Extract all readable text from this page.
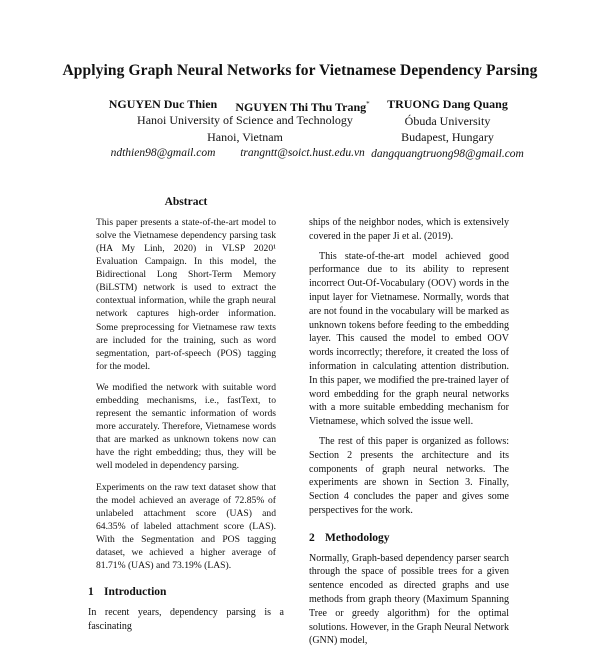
Applying Graph Neural Networks for Vietnamese Dependency Parsing
NGUYEN Duc Thien	NGUYEN Thi Thu Trang*	TRUONG Dang Quang
Óbuda University
Budapest, Hungary
dangquangtruong98@gmail.com
Hanoi University of Science and Technology
Hanoi, Vietnam
ndthien98@gmail.com	trangntt@soict.hust.edu.vn
Abstract

This paper presents a state-of-the-art model to solve the Vietnamese dependency parsing task (HA My Linh, 2020) in VLSP 2020¹ Evaluation Campaign. In this model, the Bidirectional Long Short-Term Memory (BiLSTM) network is used to extract the contextual information, while the graph neural network captures high-order information. Some preprocessing for Vietnamese raw texts are included for the training, such as word segmentation, part-of-speech (POS) tagging for the model.

We modified the network with suitable word embedding mechanisms, i.e., fastText, to represent the semantic information of words more accurately. Therefore, Vietnamese words that are marked as unknown tokens now can have the right embedding; thus, they will be well modeled in dependency parsing.

Experiments on the raw text dataset show that the model achieved an average of 72.85% of unlabeled attachment score (UAS) and 64.35% of labeled attachment score (LAS). With the Segmentation and POS tagging dataset, we achieved a higher average of 81.71% (UAS) and 73.19% (LAS).

1 Introduction

In recent years, dependency parsing is a fascinating

ships of the neighbor nodes, which is extensively covered in the paper Ji et al. (2019).

This state-of-the-art model achieved good performance due to its ability to represent incorrect Out-Of-Vocabulary (OOV) words in the input layer for Vietnamese. Normally, words that are not found in the vocabulary will be marked as unknown tokens before feeding to the embedding layer. This caused the model to embed OOV words incorrectly; therefore, it created the loss of information in calculating attention distribution. In this paper, we modified the pre-trained layer of word embedding for the graph neural networks with a more suitable embedding mechanism for Vietnamese, which solved the issue well.

The rest of this paper is organized as follows: Section 2 presents the architecture and its components of graph neural networks. The experiments are shown in Section 3. Finally, Section 4 concludes the paper and gives some perspectives for the work.

2 Methodology

Normally, Graph-based dependency parser search through the space of possible trees for a given sentence encoded as directed graphs and use methods from graph theory (Maximum Spanning Tree or greedy algorithm) for the optimal solutions. However, in the Graph Neural Network (GNN) model,
